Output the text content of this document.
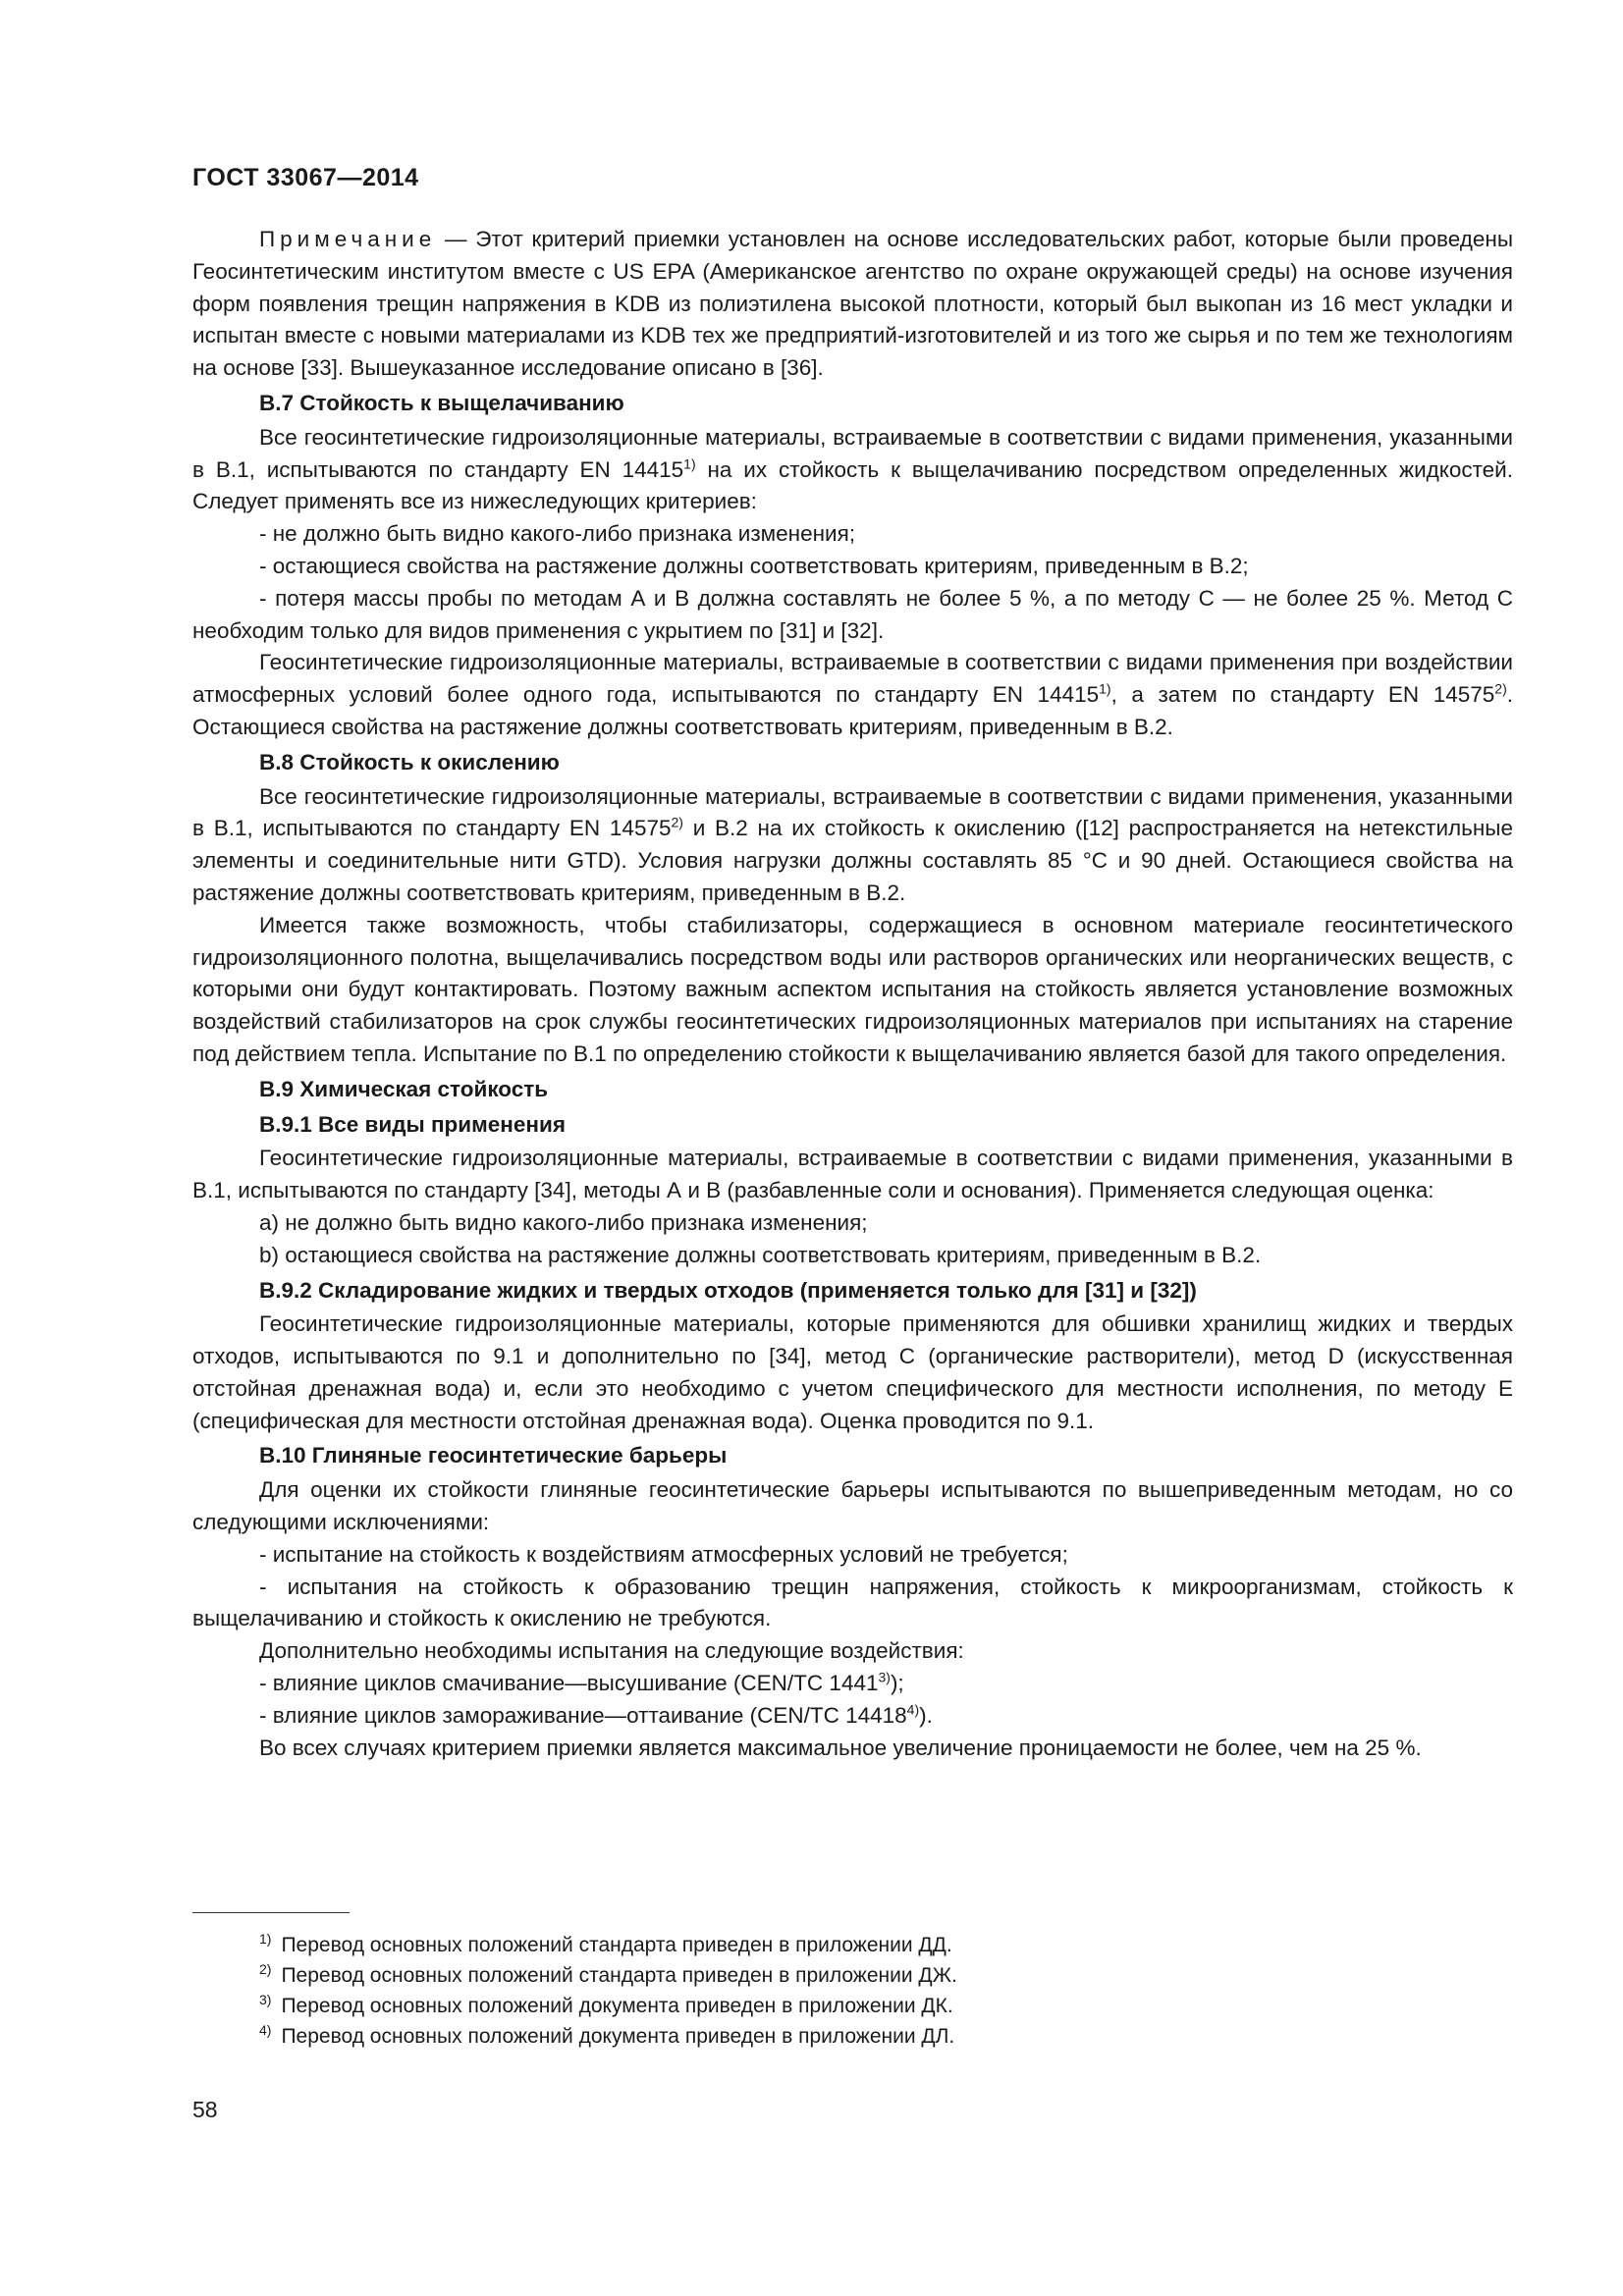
ГОСТ 33067—2014

Примечание — Этот критерий приемки установлен на основе исследовательских работ, которые были проведены Геосинтетическим институтом вместе с US EPA (Американское агентство по охране окружающей среды) на основе изучения форм появления трещин напряжения в KDB из полиэтилена высокой плотности, который был выкопан из 16 мест укладки и испытан вместе с новыми материалами из KDB тех же предприятий-изготовителей и из того же сырья и по тем же технологиям на основе [33]. Вышеуказанное исследование описано в [36].

В.7 Стойкость к выщелачиванию

Все геосинтетические гидроизоляционные материалы, встраиваемые в соответствии с видами применения, указанными в В.1, испытываются по стандарту EN 14415$^{1)}$ на их стойкость к выщелачиванию посредством определенных жидкостей. Следует применять все из нижеследующих критериев:

- не должно быть видно какого-либо признака изменения;

- остающиеся свойства на растяжение должны соответствовать критериям, приведенным в В.2;

- потеря массы пробы по методам А и В должна составлять не более 5 %, а по методу С — не более 25 %. Метод С необходим только для видов применения с укрытием по [31] и [32].

Геосинтетические гидроизоляционные материалы, встраиваемые в соответствии с видами применения при воздействии атмосферных условий более одного года, испытываются по стандарту EN 14415$^{1)}$, а затем по стандарту EN 14575$^{2)}$. Остающиеся свойства на растяжение должны соответствовать критериям, приведенным в В.2.

В.8 Стойкость к окислению

Все геосинтетические гидроизоляционные материалы, встраиваемые в соответствии с видами применения, указанными в В.1, испытываются по стандарту EN 14575$^{2)}$ и В.2 на их стойкость к окислению ([12] распространяется на нетекстильные элементы и соединительные нити GTD). Условия нагрузки должны составлять 85 °С и 90 дней. Остающиеся свойства на растяжение должны соответствовать критериям, приведенным в В.2.

Имеется также возможность, чтобы стабилизаторы, содержащиеся в основном материале геосинтетического гидроизоляционного полотна, выщелачивались посредством воды или растворов органических или неорганических веществ, с которыми они будут контактировать. Поэтому важным аспектом испытания на стойкость является установление возможных воздействий стабилизаторов на срок службы геосинтетических гидроизоляционных материалов при испытаниях на старение под действием тепла. Испытание по В.1 по определению стойкости к выщелачиванию является базой для такого определения.

В.9 Химическая стойкость
В.9.1 Все виды применения

Геосинтетические гидроизоляционные материалы, встраиваемые в соответствии с видами применения, указанными в В.1, испытываются по стандарту [34], методы А и В (разбавленные соли и основания). Применяется следующая оценка:

a) не должно быть видно какого-либо признака изменения;

b) остающиеся свойства на растяжение должны соответствовать критериям, приведенным в В.2.

В.9.2 Складирование жидких и твердых отходов (применяется только для [31] и [32])

Геосинтетические гидроизоляционные материалы, которые применяются для обшивки хранилищ жидких и твердых отходов, испытываются по 9.1 и дополнительно по [34], метод С (органические растворители), метод D (искусственная отстойная дренажная вода) и, если это необходимо с учетом специфического для местности исполнения, по методу Е (специфическая для местности отстойная дренажная вода). Оценка проводится по 9.1.

В.10 Глиняные геосинтетические барьеры

Для оценки их стойкости глиняные геосинтетические барьеры испытываются по вышеприведенным методам, но со следующими исключениями:

- испытание на стойкость к воздействиям атмосферных условий не требуется;

- испытания на стойкость к образованию трещин напряжения, стойкость к микроорганизмам, стойкость к выщелачиванию и стойкость к окислению не требуются.

Дополнительно необходимы испытания на следующие воздействия:

- влияние циклов смачивание—высушивание (CEN/TC 1441$^{3)}$);

- влияние циклов замораживание—оттаивание (CEN/TC 14418$^{4)}$).

Во всех случаях критерием приемки является максимальное увеличение проницаемости не более, чем на 25 %.

$^{1)}$ Перевод основных положений стандарта приведен в приложении ДД.

$^{2)}$ Перевод основных положений стандарта приведен в приложении ДЖ.

$^{3)}$ Перевод основных положений документа приведен в приложении ДК.

$^{4)}$ Перевод основных положений документа приведен в приложении ДЛ.

58
